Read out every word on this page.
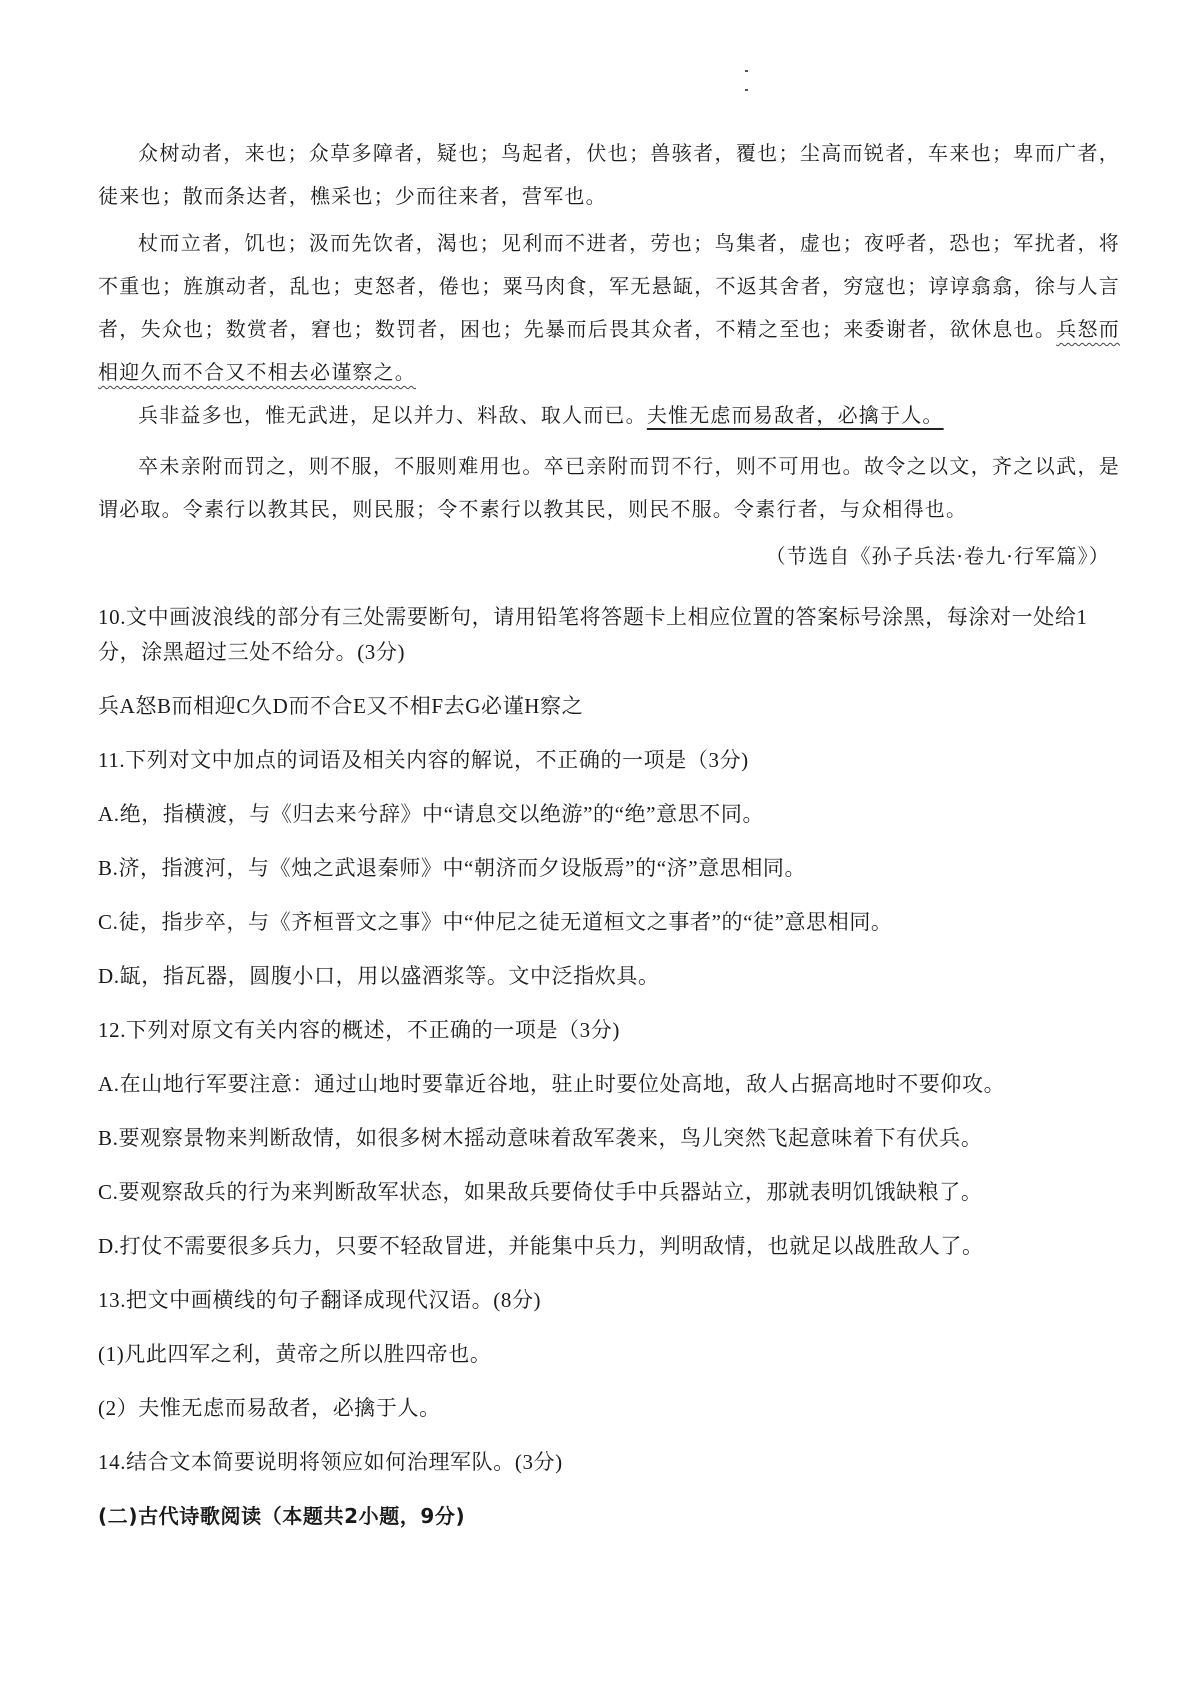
众树动者，来也；众草多障者，疑也；鸟起者，伏也；兽骇者，覆也；尘高而锐者，车来也；卑而广者，徒来也；散而条达者，樵采也；少而往来者，营军也。

杖而立者，饥也；汲而先饮者，渴也；见利而不进者，劳也；鸟集者，虚也；夜呼者，恐也；军扰者，将不重也；旌旗动者，乱也；吏怒者，倦也；粟马肉食，军无悬缻，不返其舍者，穷寇也；谆谆翕翕，徐与人言者，失众也；数赏者，窘也；数罚者，困也；先暴而后畏其众者，不精之至也；来委谢者，欲休息也。兵怒而相迎久而不合又不相去必谨察之。

兵非益多也，惟无武进，足以并力、料敌、取人而已。夫惟无虑而易敌者，必擒于人。

卒未亲附而罚之，则不服，不服则难用也。卒已亲附而罚不行，则不可用也。故令之以文，齐之以武，是谓必取。令素行以教其民，则民服；令不素行以教其民，则民不服。令素行者，与众相得也。

（节选自《孙子兵法·卷九·行军篇》）

10.文中画波浪线的部分有三处需要断句，请用铅笔将答题卡上相应位置的答案标号涂黑，每涂对一处给1分，涂黑超过三处不给分。(3分)

兵A怒B而相迎C久D而不合E又不相F去G必谨H察之

11.下列对文中加点的词语及相关内容的解说，不正确的一项是（3分)

A.绝，指横渡，与《归去来兮辞》中“请息交以绝游”的“绝”意思不同。

B.济，指渡河，与《烛之武退秦师》中“朝济而夕设版焉”的“济”意思相同。

C.徒，指步卒，与《齐桓晋文之事》中“仲尼之徒无道桓文之事者”的“徒”意思相同。

D.缻，指瓦器，圆腹小口，用以盛酒浆等。文中泛指炊具。

12.下列对原文有关内容的概述，不正确的一项是（3分)

A.在山地行军要注意：通过山地时要靠近谷地，驻止时要位处高地，敌人占据高地时不要仰攻。

B.要观察景物来判断敌情，如很多树木摇动意味着敌军袭来，鸟儿突然飞起意味着下有伏兵。

C.要观察敌兵的行为来判断敌军状态，如果敌兵要倚仗手中兵器站立，那就表明饥饿缺粮了。

D.打仗不需要很多兵力，只要不轻敌冒进，并能集中兵力，判明敌情，也就足以战胜敌人了。

13.把文中画横线的句子翻译成现代汉语。(8分)

(1)凡此四军之利，黄帝之所以胜四帝也。

(2）夫惟无虑而易敌者，必擒于人。

14.结合文本简要说明将领应如何治理军队。(3分)

(二)古代诗歌阅读（本题共2小题，9分)
